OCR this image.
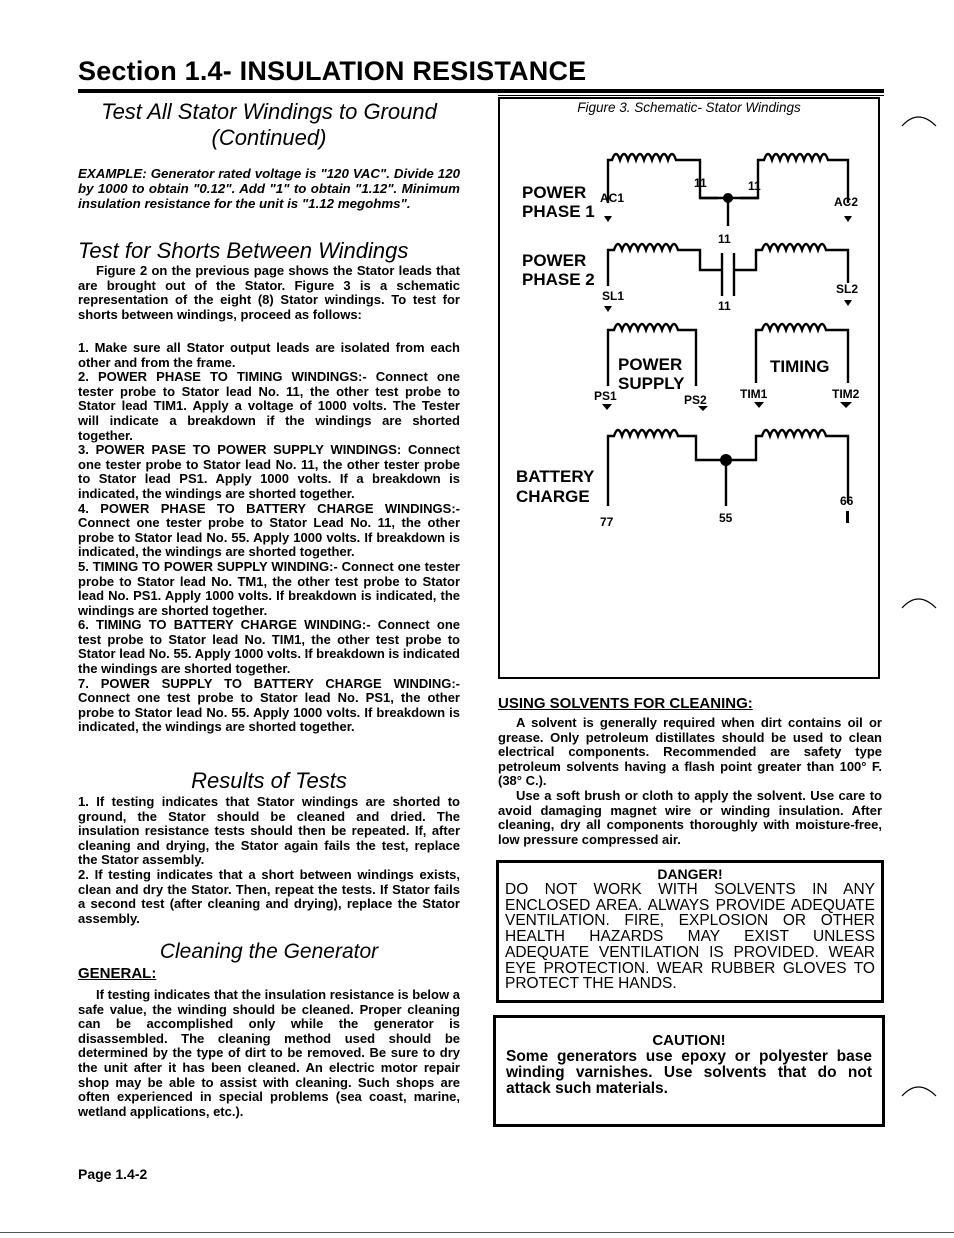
Section 1.4- INSULATION RESISTANCE
Test All Stator Windings to Ground (Continued)
EXAMPLE: Generator rated voltage is "120 VAC". Divide 120 by 1000 to obtain "0.12". Add "1" to obtain "1.12". Minimum insulation resistance for the unit is "1.12 megohms".
Test for Shorts Between Windings
Figure 2 on the previous page shows the Stator leads that are brought out of the Stator. Figure 3 is a schematic representation of the eight (8) Stator windings. To test for shorts between windings, proceed as follows:

1. Make sure all Stator output leads are isolated from each other and from the frame.

2. POWER PHASE TO TIMING WINDINGS:- Connect one tester probe to Stator lead No. 11, the other test probe to Stator lead TIM1. Apply a voltage of 1000 volts. The Tester will indicate a breakdown if the windings are shorted together.

3. POWER PASE TO POWER SUPPLY WINDINGS: Connect one tester probe to Stator lead No. 11, the other tester probe to Stator lead PS1. Apply 1000 volts. If a breakdown is indicated, the windings are shorted together.

4. POWER PHASE TO BATTERY CHARGE WINDINGS:- Connect one tester probe to Stator Lead No. 11, the other probe to Stator lead No. 55. Apply 1000 volts. If breakdown is indicated, the windings are shorted together.

5. TIMING TO POWER SUPPLY WINDING:- Connect one tester probe to Stator lead No. TM1, the other test probe to Stator lead No. PS1. Apply 1000 volts. If breakdown is indicated, the windings are shorted together.

6. TIMING TO BATTERY CHARGE WINDING:- Connect one test probe to Stator lead No. TIM1, the other test probe to Stator lead No. 55. Apply 1000 volts. If breakdown is indicated the windings are shorted together.

7. POWER SUPPLY TO BATTERY CHARGE WINDING:- Connect one test probe to Stator lead No. PS1, the other probe to Stator lead No. 55. Apply 1000 volts. If breakdown is indicated, the windings are shorted together.

Results of Tests

1. If testing indicates that Stator windings are shorted to ground, the Stator should be cleaned and dried. The insulation resistance tests should then be repeated. If, after cleaning and drying, the Stator again fails the test, replace the Stator assembly.

2. If testing indicates that a short between windings exists, clean and dry the Stator. Then, repeat the tests. If Stator fails a second test (after cleaning and drying), replace the Stator assembly.

Cleaning the Generator
GENERAL:
If testing indicates that the insulation resistance is below a safe value, the winding should be cleaned. Proper cleaning can be accomplished only while the generator is disassembled. The cleaning method used should be determined by the type of dirt to be removed. Be sure to dry the unit after it has been cleaned. An electric motor repair shop may be able to assist with cleaning. Such shops are often experienced in special problems (sea coast, marine, wetland applications, etc.).
Page 1.4-2
Figure 3. Schematic- Stator Windings
POWER
PHASE 1
POWER
PHASE 2
POWER
SUPPLY
TIMING
BATTERY
CHARGE
AC1	AC2
SL1	SL2
PS1	PS2	TIM1	TIM2
11	11
11
11
77	55
66
USING SOLVENTS FOR CLEANING:

A solvent is generally required when dirt contains oil or grease. Only petroleum distillates should be used to clean electrical components. Recommended are safety type petroleum solvents having a flash point greater than 100° F. (38° C.).

Use a soft brush or cloth to apply the solvent. Use care to avoid damaging magnet wire or winding insulation. After cleaning, dry all components thoroughly with moisture-free, low pressure compressed air.

DANGER!
DO NOT WORK WITH SOLVENTS IN ANY ENCLOSED AREA. ALWAYS PROVIDE ADEQUATE VENTILATION. FIRE, EXPLOSION OR OTHER HEALTH HAZARDS MAY EXIST UNLESS ADEQUATE VENTILATION IS PROVIDED. WEAR EYE PROTECTION. WEAR RUBBER GLOVES TO PROTECT THE HANDS.
CAUTION!
Some generators use epoxy or polyester base winding varnishes. Use solvents that do not attack such materials.
